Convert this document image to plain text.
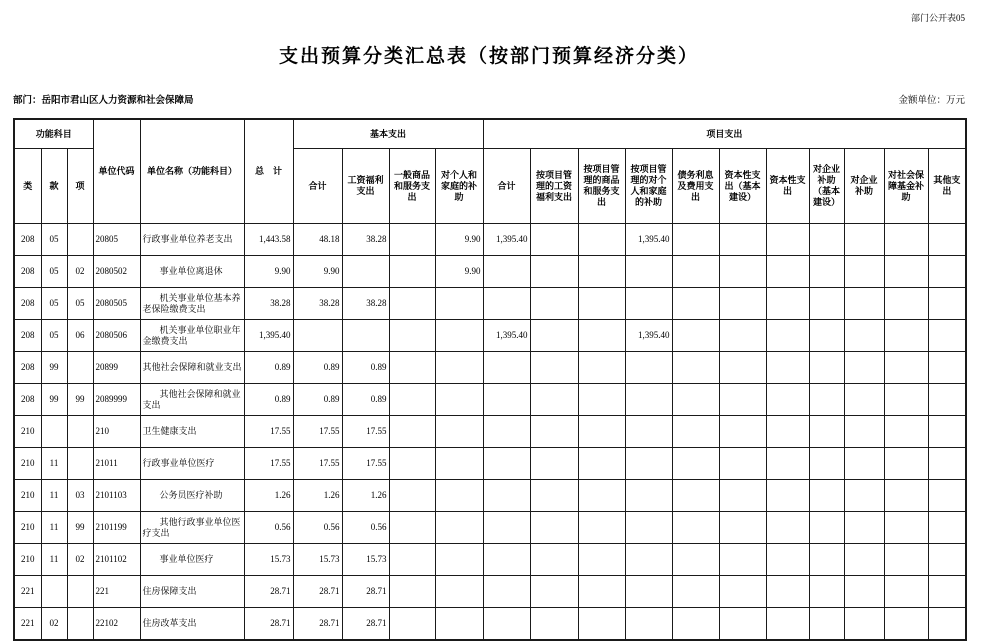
部门公开表05
支出预算分类汇总表（按部门预算经济分类）
部门：岳阳市君山区人力资源和社会保障局	金额单位：万元
功能科目			单位代码	单位名称（功能科目）	总　计	基本支出				项目支出										
类	款	项				合计	工资福利支出	一般商品和服务支出	对个人和家庭的补助	合计	按项目管理的工资福利支出	按项目管理的商品和服务支出	按项目管理的对个人和家庭的补助	债务利息及费用支出	资本性支出（基本建设）	资本性支出	对企业补助（基本建设）	对企业补助	对社会保障基金补助	其他支出
208	05		20805	行政事业单位养老支出	1,443.58	48.18	38.28		9.90	1,395.40			1,395.40							
208	05	02	2080502	事业单位离退休	9.90	9.90			9.90											
208	05	05	2080505	机关事业单位基本养老保险缴费支出	38.28	38.28	38.28													
208	05	06	2080506	机关事业单位职业年金缴费支出	1,395.40					1,395.40			1,395.40							
208	99		20899	其他社会保障和就业支出	0.89	0.89	0.89													
208	99	99	2089999	其他社会保障和就业支出	0.89	0.89	0.89													
210			210	卫生健康支出	17.55	17.55	17.55													
210	11		21011	行政事业单位医疗	17.55	17.55	17.55													
210	11	03	2101103	公务员医疗补助	1.26	1.26	1.26													
210	11	99	2101199	其他行政事业单位医疗支出	0.56	0.56	0.56													
210	11	02	2101102	事业单位医疗	15.73	15.73	15.73													
221			221	住房保障支出	28.71	28.71	28.71													
221	02		22102	住房改革支出	28.71	28.71	28.71													
